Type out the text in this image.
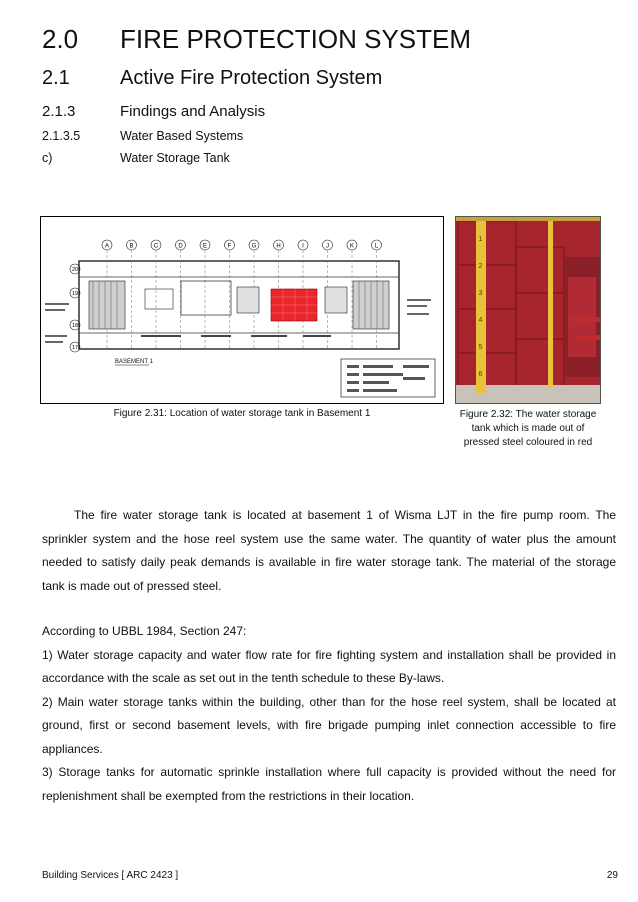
2.0 FIRE PROTECTION SYSTEM
2.1	Active Fire Protection System
2.1.3	Findings and Analysis
2.1.3.5	Water Based Systems
c)	Water Storage Tank
A	B	C	D	E	F	G	H	I	J	K	L
20
19
18
17
BASEMENT 1
1
2
3
4
5
6
Figure 2.31: Location of water storage tank in Basement 1	Figure 2.32: The water storage tank which is made out of pressed steel coloured in red
The fire water storage tank is located at basement 1 of Wisma LJT in the fire pump room. The sprinkler system and the hose reel system use the same water. The quantity of water plus the amount needed to satisfy daily peak demands is available in fire water storage tank. The material of the storage tank is made out of pressed steel.

According to UBBL 1984, Section 247:

1) Water storage capacity and water flow rate for fire fighting system and installation shall be provided in accordance with the scale as set out in the tenth schedule to these By-laws.

2) Main water storage tanks within the building, other than for the hose reel system, shall be located at ground, first or second basement levels, with fire brigade pumping inlet connection accessible to fire appliances.

3) Storage tanks for automatic sprinkle installation where full capacity is provided without the need for replenishment shall be exempted from the restrictions in their location.

Building Services [ ARC 2423 ]	29
